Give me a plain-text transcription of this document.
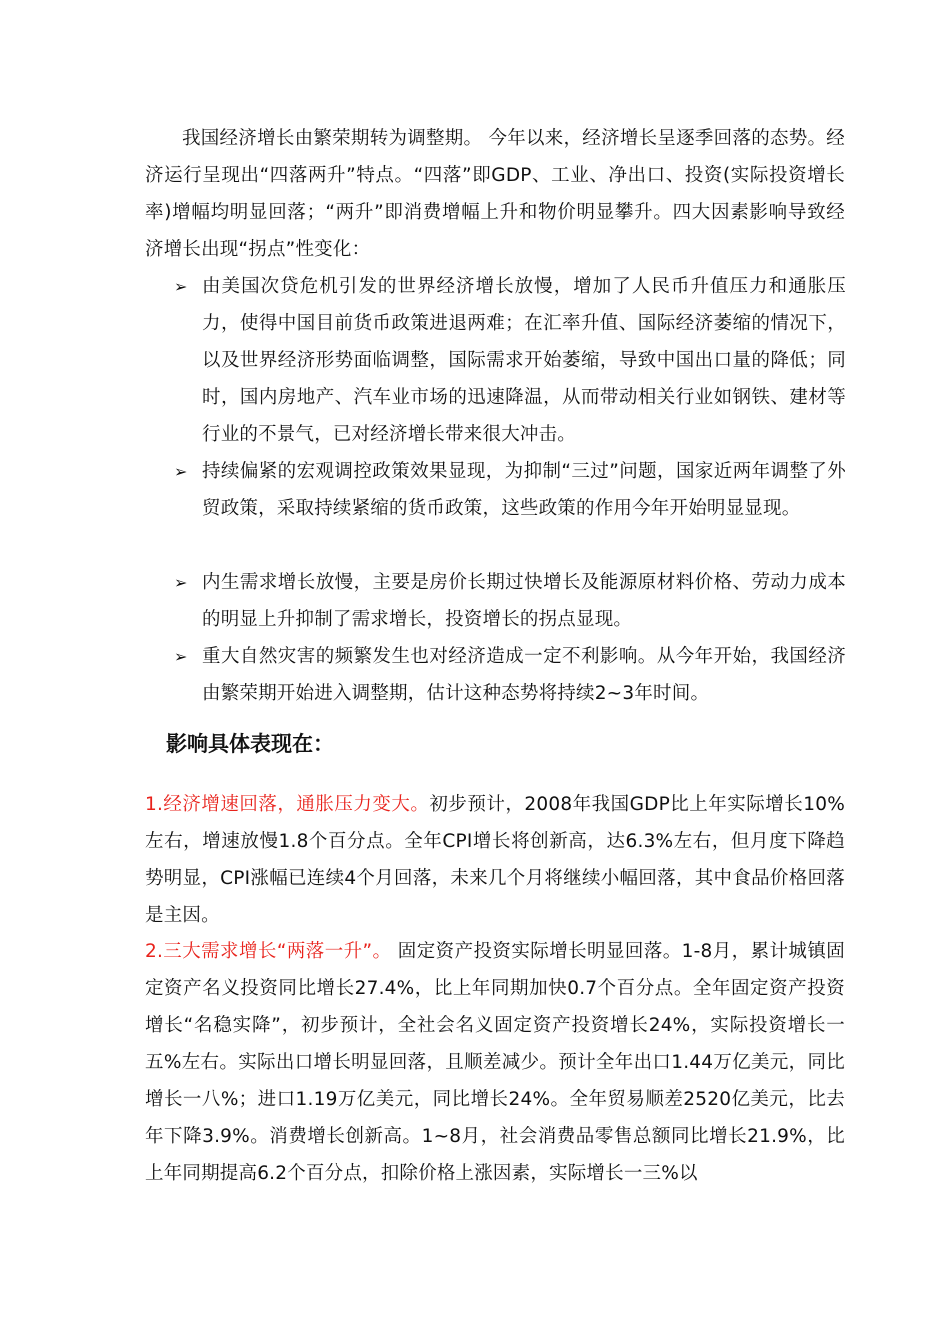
我国经济增长由繁荣期转为调整期。 今年以来，经济增长呈逐季回落的态势。经济运行呈现出“四落两升”特点。“四落”即GDP、工业、净出口、投资(实际投资增长率)增幅均明显回落；“两升”即消费增幅上升和物价明显攀升。四大因素影响导致经济增长出现“拐点”性变化：

➢ 由美国次贷危机引发的世界经济增长放慢，增加了人民币升值压力和通胀压力，使得中国目前货币政策进退两难；在汇率升值、国际经济萎缩的情况下，以及世界经济形势面临调整，国际需求开始萎缩，导致中国出口量的降低；同时，国内房地产、汽车业市场的迅速降温，从而带动相关行业如钢铁、建材等行业的不景气，已对经济增长带来很大冲击。
➢ 持续偏紧的宏观调控政策效果显现，为抑制“三过”问题，国家近两年调整了外贸政策，采取持续紧缩的货币政策，这些政策的作用今年开始明显显现。
➢ 内生需求增长放慢，主要是房价长期过快增长及能源原材料价格、劳动力成本的明显上升抑制了需求增长，投资增长的拐点显现。
➢ 重大自然灾害的频繁发生也对经济造成一定不利影响。从今年开始，我国经济由繁荣期开始进入调整期，估计这种态势将持续2~3年时间。
影响具体表现在：

1.经济增速回落，通胀压力变大。初步预计，2008年我国GDP比上年实际增长10%左右，增速放慢1.8个百分点。全年CPI增长将创新高，达6.3%左右，但月度下降趋势明显，CPI涨幅已连续4个月回落，未来几个月将继续小幅回落，其中食品价格回落是主因。

2.三大需求增长“两落一升”。 固定资产投资实际增长明显回落。1-8月，累计城镇固定资产名义投资同比增长27.4%，比上年同期加快0.7个百分点。全年固定资产投资增长“名稳实降”，初步预计，全社会名义固定资产投资增长24%，实际投资增长一五%左右。实际出口增长明显回落，且顺差减少。预计全年出口1.44万亿美元，同比增长一八%；进口1.19万亿美元，同比增长24%。全年贸易顺差2520亿美元，比去年下降3.9%。消费增长创新高。1~8月，社会消费品零售总额同比增长21.9%，比上年同期提高6.2个百分点，扣除价格上涨因素，实际增长一三%以
